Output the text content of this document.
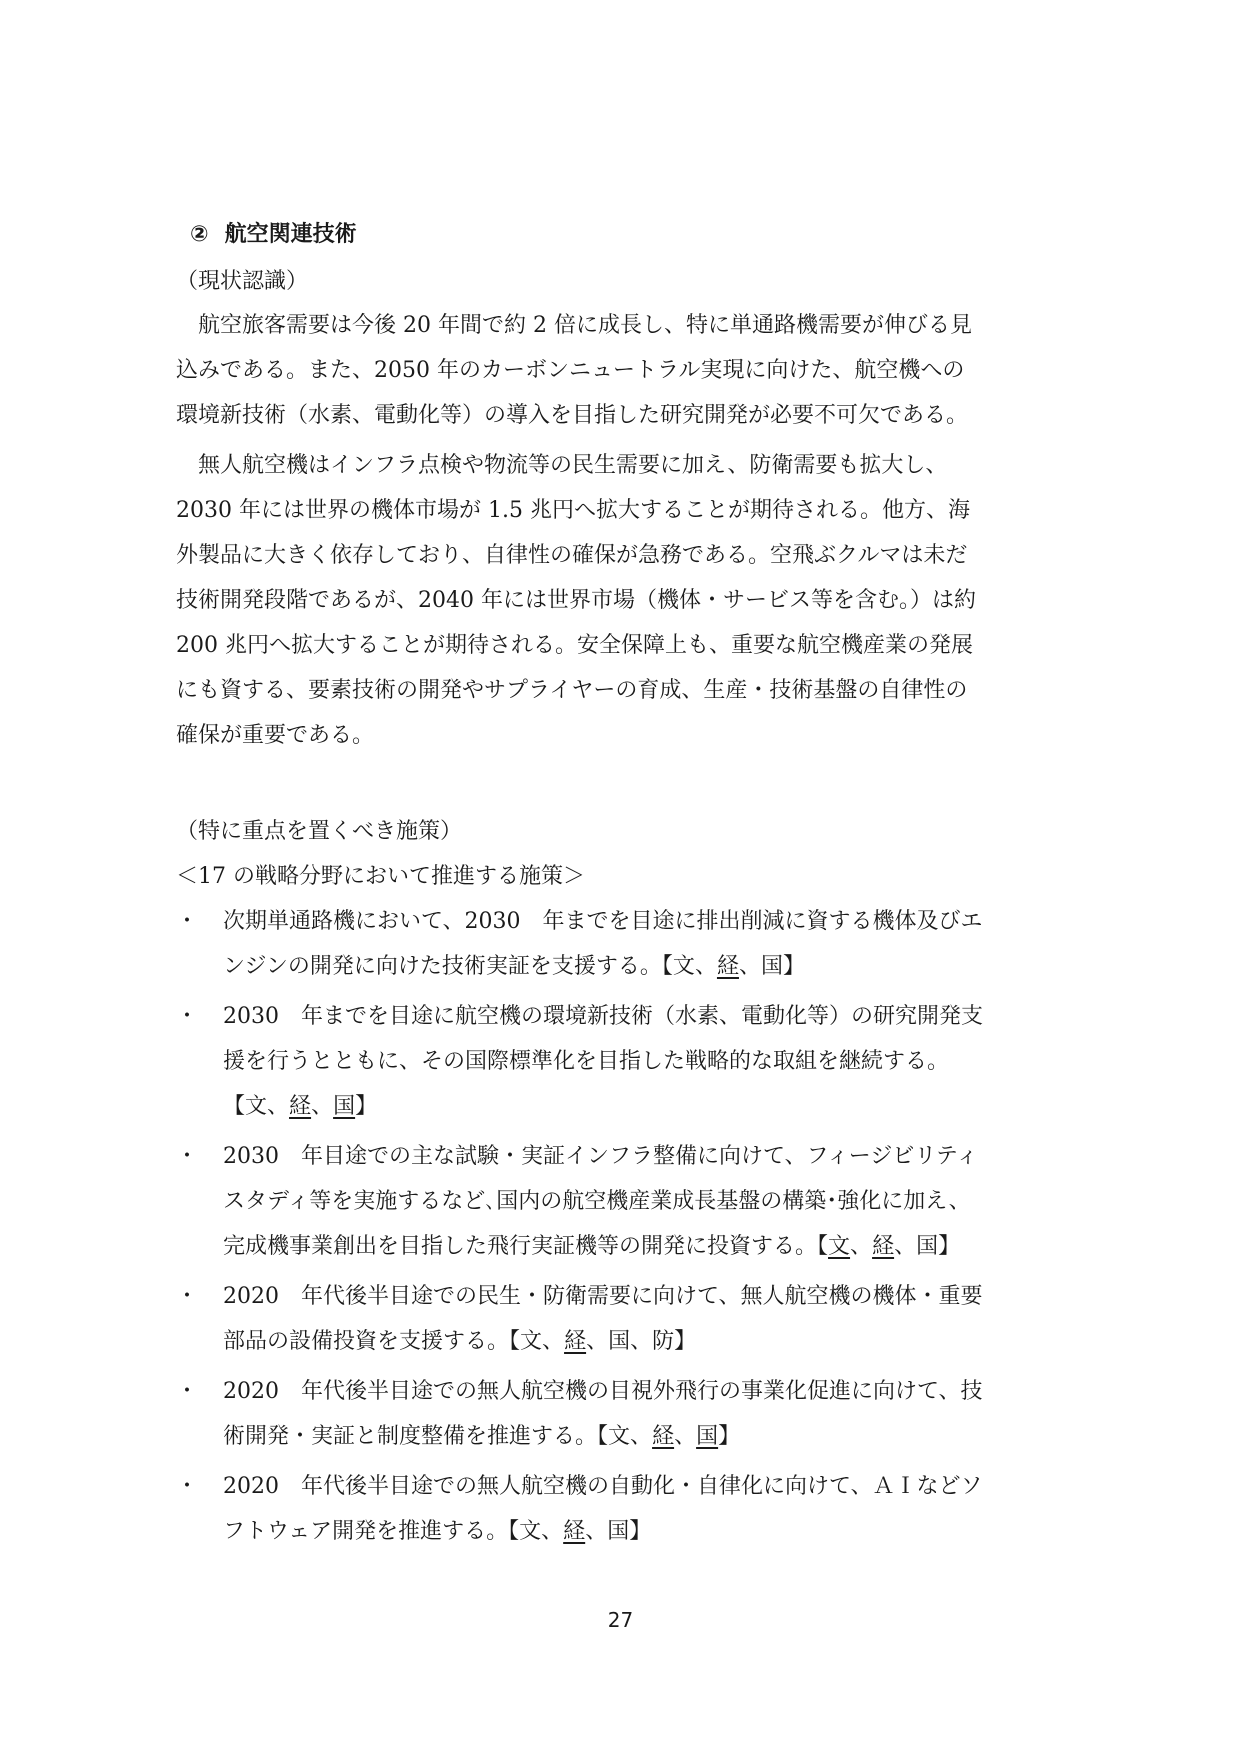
② 航空関連技術
（現状認識）
　航空旅客需要は今後 20 年間で約 2 倍に成長し、特に単通路機需要が伸びる見
込みである。また、2050 年のカーボンニュートラル実現に向けた、航空機への
環境新技術（水素、電動化等）の導入を目指した研究開発が必要不可欠である。
　無人航空機はインフラ点検や物流等の民生需要に加え、防衛需要も拡大し、
2030 年には世界の機体市場が 1.5 兆円へ拡大することが期待される。他方、海
外製品に大きく依存しており、自律性の確保が急務である。空飛ぶクルマは未だ
技術開発段階であるが、2040 年には世界市場（機体・サービス等を含む。）は約
200 兆円へ拡大することが期待される。安全保障上も、重要な航空機産業の発展
にも資する、要素技術の開発やサプライヤーの育成、生産・技術基盤の自律性の
確保が重要である。
（特に重点を置くべき施策）
＜17 の戦略分野において推進する施策＞
・ 次期単通路機において、2030　年までを目途に排出削減に資する機体及びエ
ンジンの開発に向けた技術実証を支援する。【文、経、国】
・ 2030　年までを目途に航空機の環境新技術（水素、電動化等）の研究開発支
援を行うとともに、その国際標準化を目指した戦略的な取組を継続する。
【文、経、国】
・ 2030　年目途での主な試験・実証インフラ整備に向けて、フィージビリティ
スタディ等を実施するなど､国内の航空機産業成長基盤の構築･強化に加え、
完成機事業創出を目指した飛行実証機等の開発に投資する。【文、経、国】
・ 2020　年代後半目途での民生・防衛需要に向けて、無人航空機の機体・重要
部品の設備投資を支援する。【文、経、国、防】
・ 2020　年代後半目途での無人航空機の目視外飛行の事業化促進に向けて、技
術開発・実証と制度整備を推進する。【文、経、国】
・ 2020　年代後半目途での無人航空機の自動化・自律化に向けて、ＡＩなどソ
フトウェア開発を推進する。【文、経、国】
27
